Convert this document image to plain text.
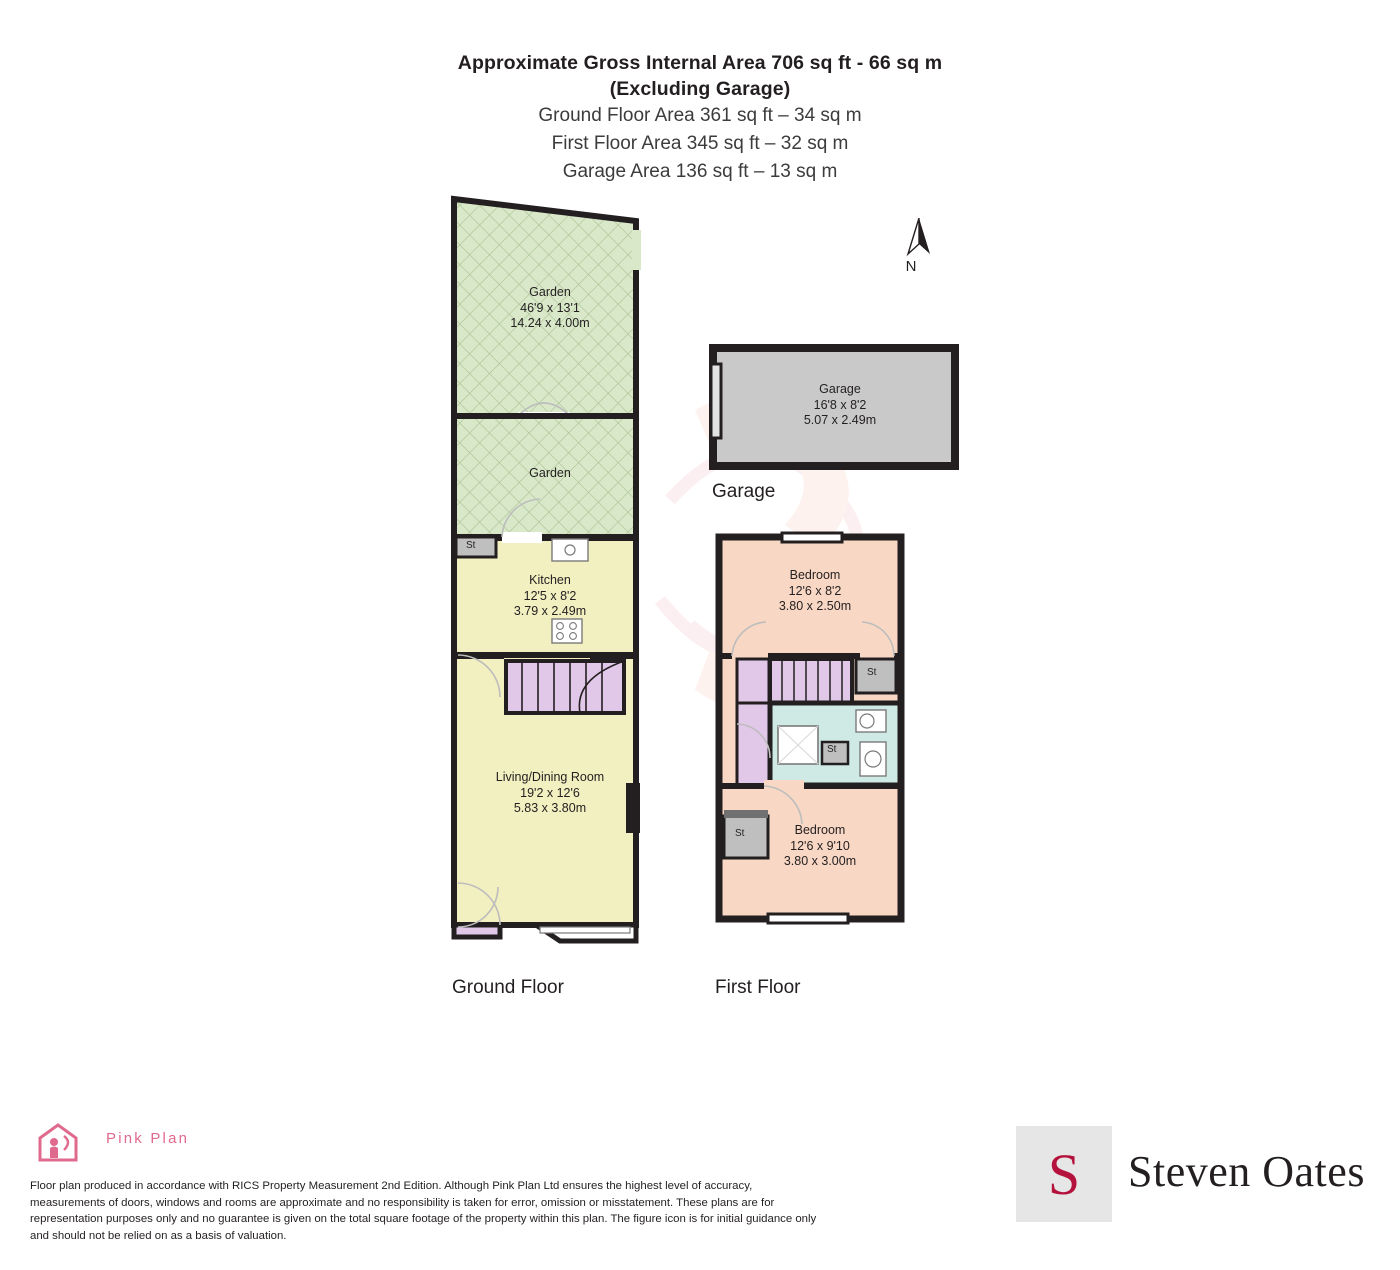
Approximate Gross Internal Area 706 sq ft - 66 sq m
(Excluding Garage)
Ground Floor Area 361 sq ft – 34 sq m
First Floor Area 345 sq ft – 32 sq m
Garage Area 136 sq ft – 13 sq m
N
Garden
46'9 x 13'1
14.24 x 4.00m
Garden
Kitchen
12'5 x 8'2
3.79 x 2.49m
Living/Dining Room
19'2 x 12'6
5.83 x 3.80m
St
Ground Floor
Garage
16'8 x 8'2
5.07 x 2.49m
Garage
Bedroom
12'6 x 8'2
3.80 x 2.50m
Bedroom
12'6 x 9'10
3.80 x 3.00m
St
St
St
First Floor
Pink Plan
Floor plan produced in accordance with RICS Property Measurement 2nd Edition. Although Pink Plan Ltd ensures the highest level of accuracy, measurements of doors, windows and rooms are approximate and no responsibility is taken for error, omission or misstatement. These plans are for representation purposes only and no guarantee is given on the total square footage of the property within this plan. The figure icon is for initial guidance only and should not be relied on as a basis of valuation.
S	Steven Oates
